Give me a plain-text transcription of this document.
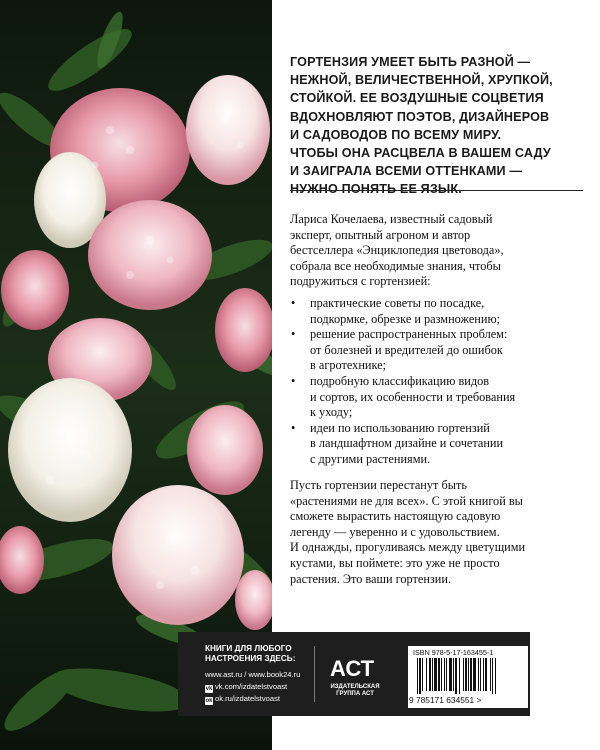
ГОРТЕНЗИЯ УМЕЕТ БЫТЬ РАЗНОЙ —
НЕЖНОЙ, ВЕЛИЧЕСТВЕННОЙ, ХРУПКОЙ,
СТОЙКОЙ. ЕЕ ВОЗДУШНЫЕ СОЦВЕТИЯ
ВДОХНОВЛЯЮТ ПОЭТОВ, ДИЗАЙНЕРОВ
И САДОВОДОВ ПО ВСЕМУ МИРУ.
ЧТОБЫ ОНА РАСЦВЕЛА В ВАШЕМ САДУ
И ЗАИГРАЛА ВСЕМИ ОТТЕНКАМИ —
НУЖНО ПОНЯТЬ ЕЕ ЯЗЫК.
Лариса Кочелаева, известный садовый
эксперт, опытный агроном и автор
бестселлера «Энциклопедия цветовода»,
собрала все необходимые знания, чтобы
подружиться с гортензией:
• практические советы по посадке,
подкормке, обрезке и размножению;
• решение распространенных проблем:
от болезней и вредителей до ошибок
в агротехнике;
• подробную классификацию видов
и сортов, их особенности и требования
к уходу;
• идеи по использованию гортензий
в ландшафтном дизайне и сочетании
с другими растениями.
Пусть гортензии перестанут быть
«растениями не для всех». С этой книгой вы
сможете вырастить настоящую садовую
легенду — уверенно и с удовольствием.
И однажды, прогуливаясь между цветущими
кустами, вы поймете: это уже не просто
растения. Это ваши гортензии.
КНИГИ ДЛЯ ЛЮБОГО
НАСТРОЕНИЯ ЗДЕСЬ:
www.ast.ru / www.book24.ru
vk vk.com/izdatelstvoast
ok ok.ru/izdatelstvoast
АСТ
ИЗДАТЕЛЬСКАЯ
ГРУППА АСТ
ISBN 978-5-17-163455-1
9 785171 634551 >
